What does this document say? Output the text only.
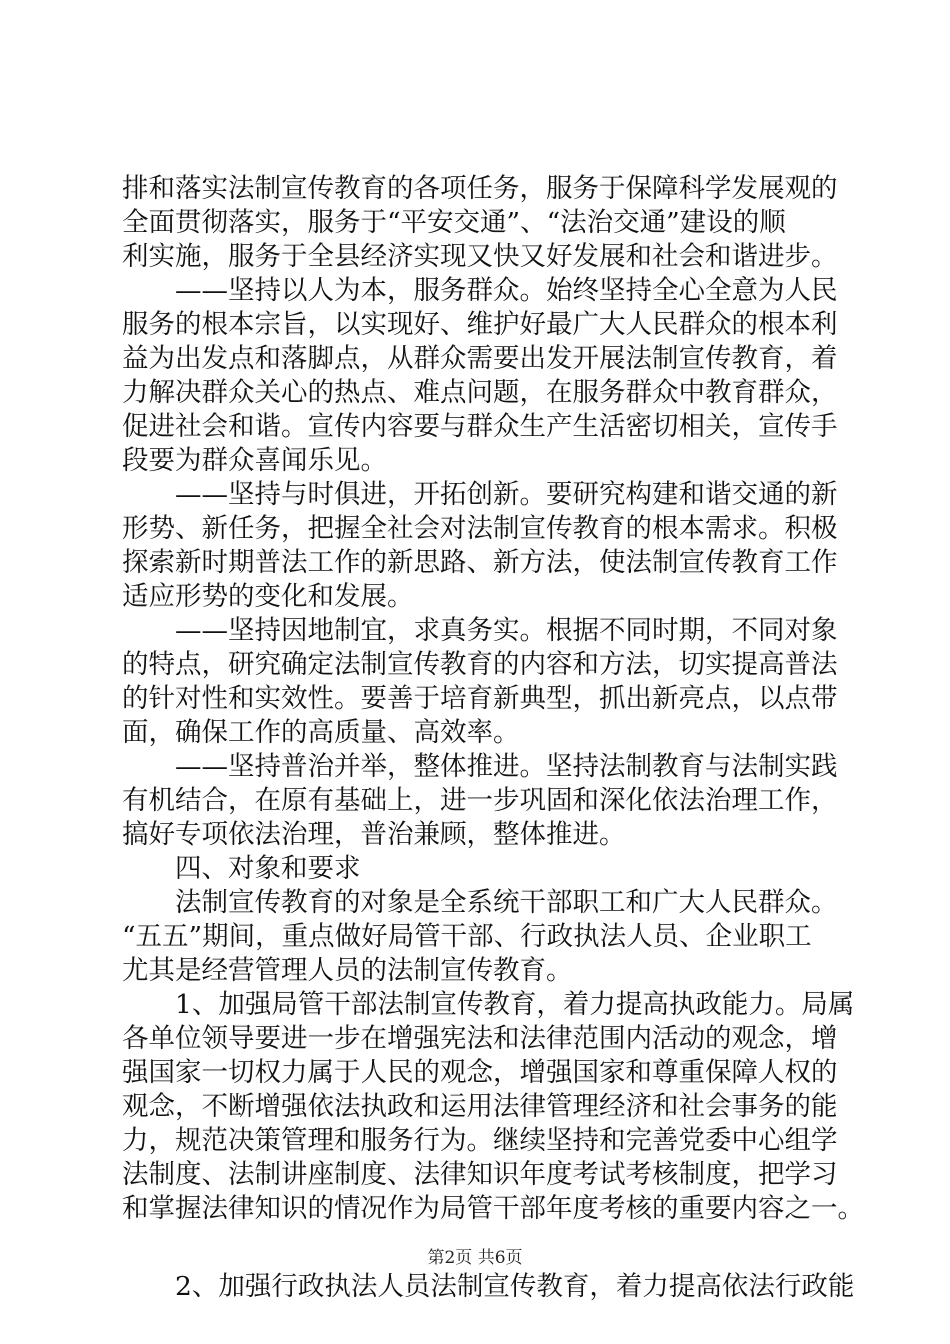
排和落实法制宣传教育的各项任务，服务于保障科学发展观的
全面贯彻落实，服务于“平安交通”、“法治交通”建设的顺
利实施，服务于全县经济实现又快又好发展和社会和谐进步。
　　——坚持以人为本，服务群众。始终坚持全心全意为人民
服务的根本宗旨，以实现好、维护好最广大人民群众的根本利
益为出发点和落脚点，从群众需要出发开展法制宣传教育，着
力解决群众关心的热点、难点问题，在服务群众中教育群众，
促进社会和谐。宣传内容要与群众生产生活密切相关，宣传手
段要为群众喜闻乐见。
　　——坚持与时俱进，开拓创新。要研究构建和谐交通的新
形势、新任务，把握全社会对法制宣传教育的根本需求。积极
探索新时期普法工作的新思路、新方法，使法制宣传教育工作
适应形势的变化和发展。
　　——坚持因地制宜，求真务实。根据不同时期，不同对象
的特点，研究确定法制宣传教育的内容和方法，切实提高普法
的针对性和实效性。要善于培育新典型，抓出新亮点，以点带
面，确保工作的高质量、高效率。
　　——坚持普治并举，整体推进。坚持法制教育与法制实践
有机结合，在原有基础上，进一步巩固和深化依法治理工作，
搞好专项依法治理，普治兼顾，整体推进。
　　四、对象和要求
　　法制宣传教育的对象是全系统干部职工和广大人民群众。
“五五”期间，重点做好局管干部、行政执法人员、企业职工
尤其是经营管理人员的法制宣传教育。
　　1、加强局管干部法制宣传教育，着力提高执政能力。局属
各单位领导要进一步在增强宪法和法律范围内活动的观念，增
强国家一切权力属于人民的观念，增强国家和尊重保障人权的
观念，不断增强依法执政和运用法律管理经济和社会事务的能
力，规范决策管理和服务行为。继续坚持和完善党委中心组学
法制度、法制讲座制度、法律知识年度考试考核制度，把学习
和掌握法律知识的情况作为局管干部年度考核的重要内容之一。
　　2、加强行政执法人员法制宣传教育，着力提高依法行政能
第2页 共6页
